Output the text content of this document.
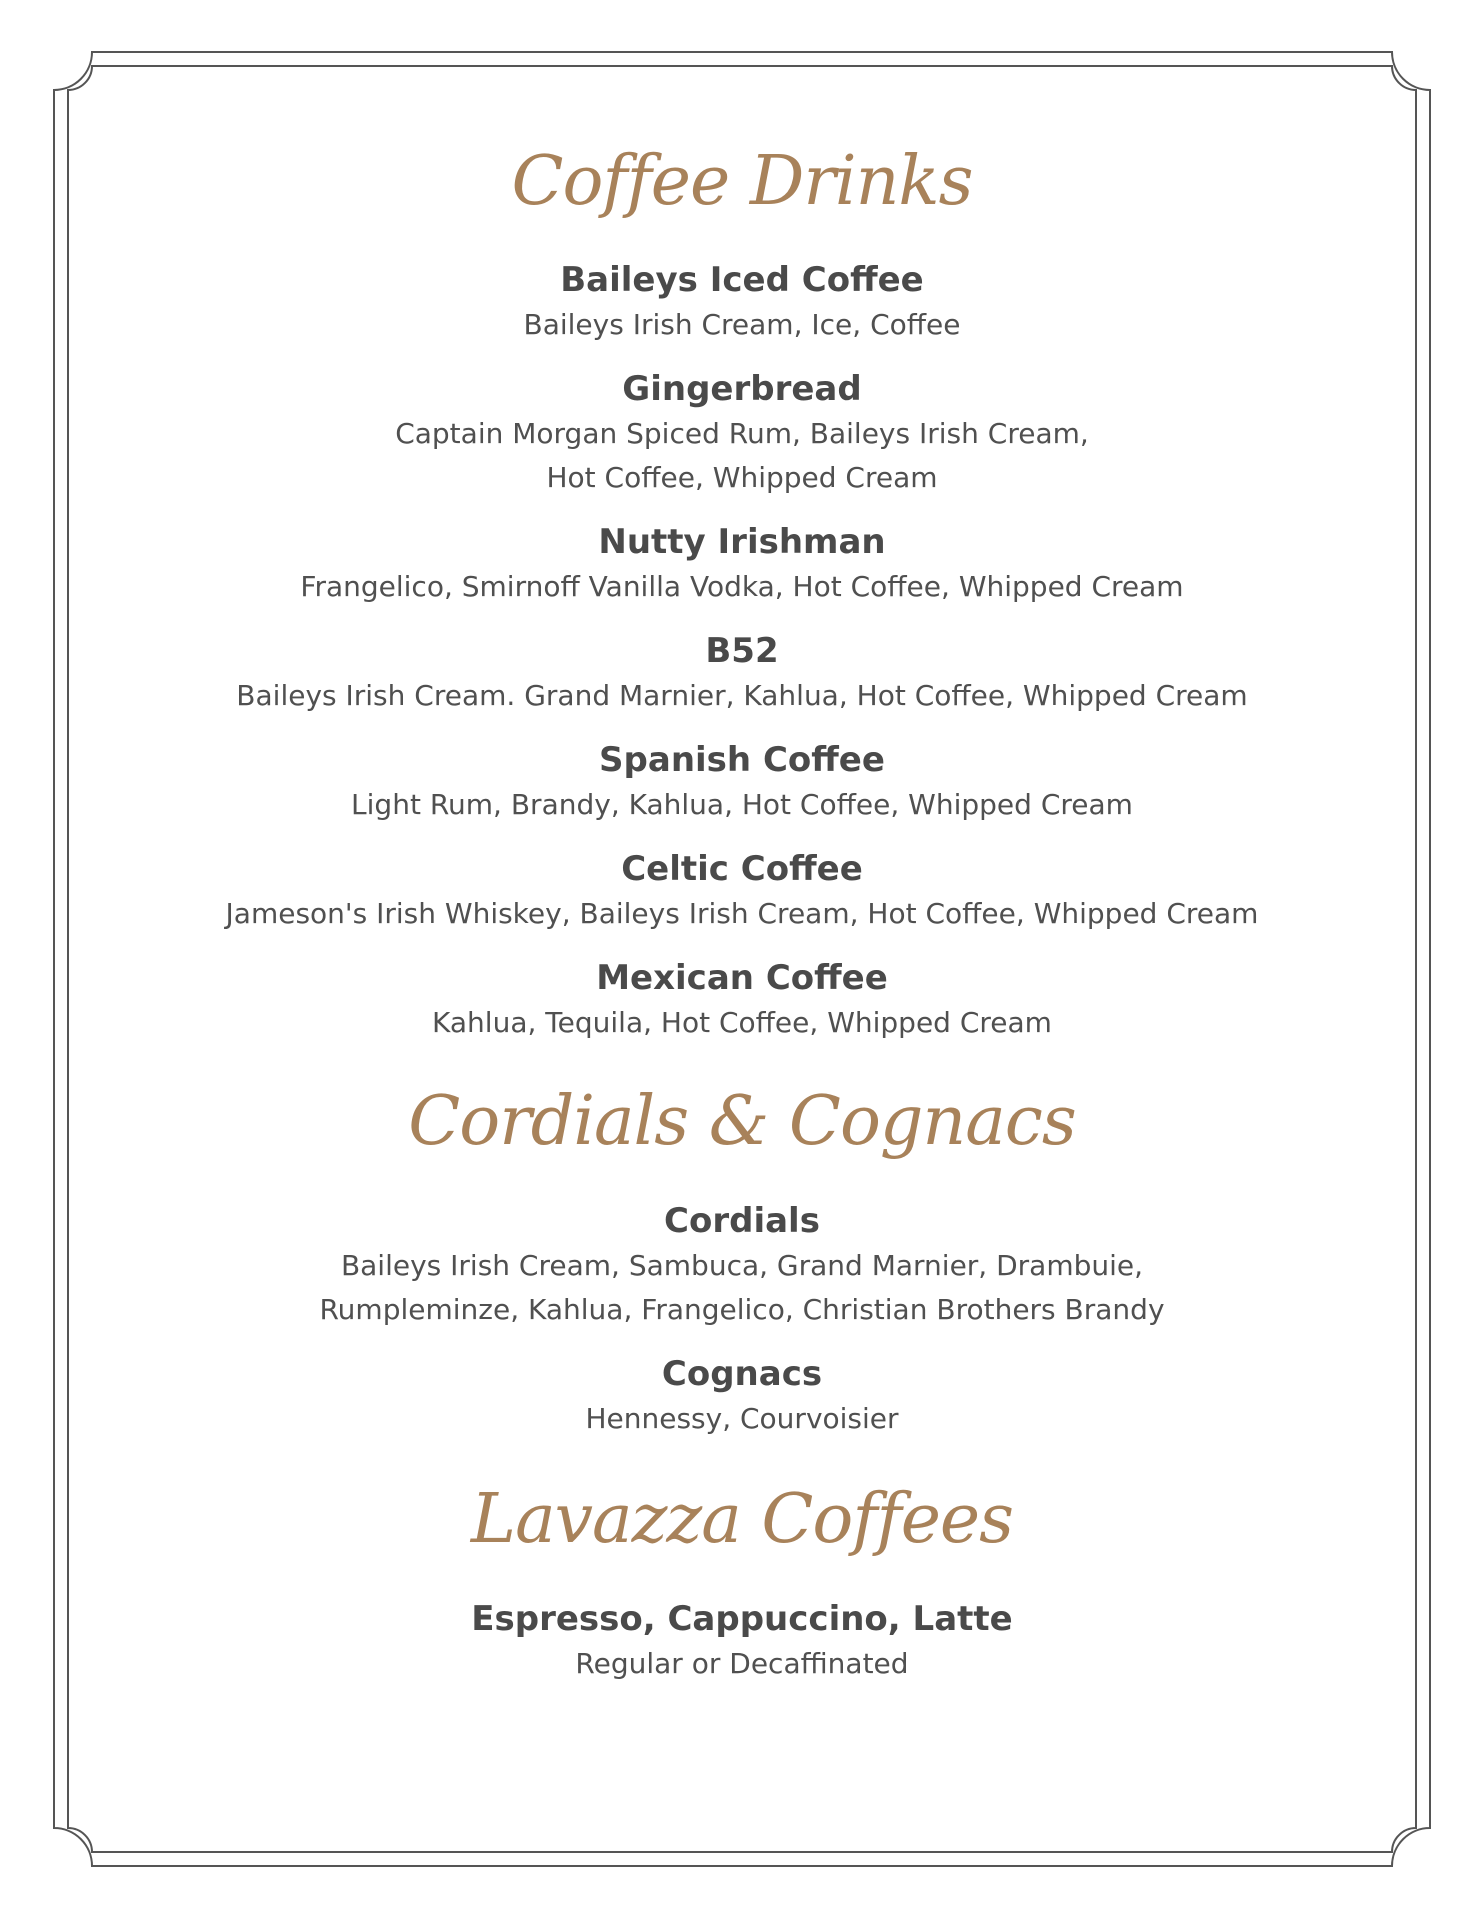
Coffee Drinks
Baileys Iced Coffee
Baileys Irish Cream, Ice, Coffee
Gingerbread
Captain Morgan Spiced Rum, Baileys Irish Cream,
Hot Coffee, Whipped Cream
Nutty Irishman
Frangelico, Smirnoff Vanilla Vodka, Hot Coffee, Whipped Cream
B52
Baileys Irish Cream. Grand Marnier, Kahlua, Hot Coffee, Whipped Cream
Spanish Coffee
Light Rum, Brandy, Kahlua, Hot Coffee, Whipped Cream
Celtic Coffee
Jameson's Irish Whiskey, Baileys Irish Cream, Hot Coffee, Whipped Cream
Mexican Coffee
Kahlua, Tequila, Hot Coffee, Whipped Cream
Cordials & Cognacs
Cordials
Baileys Irish Cream, Sambuca, Grand Marnier, Drambuie,
Rumpleminze, Kahlua, Frangelico, Christian Brothers Brandy
Cognacs
Hennessy, Courvoisier
Lavazza Coffees
Espresso, Cappuccino, Latte
Regular or Decaffinated
